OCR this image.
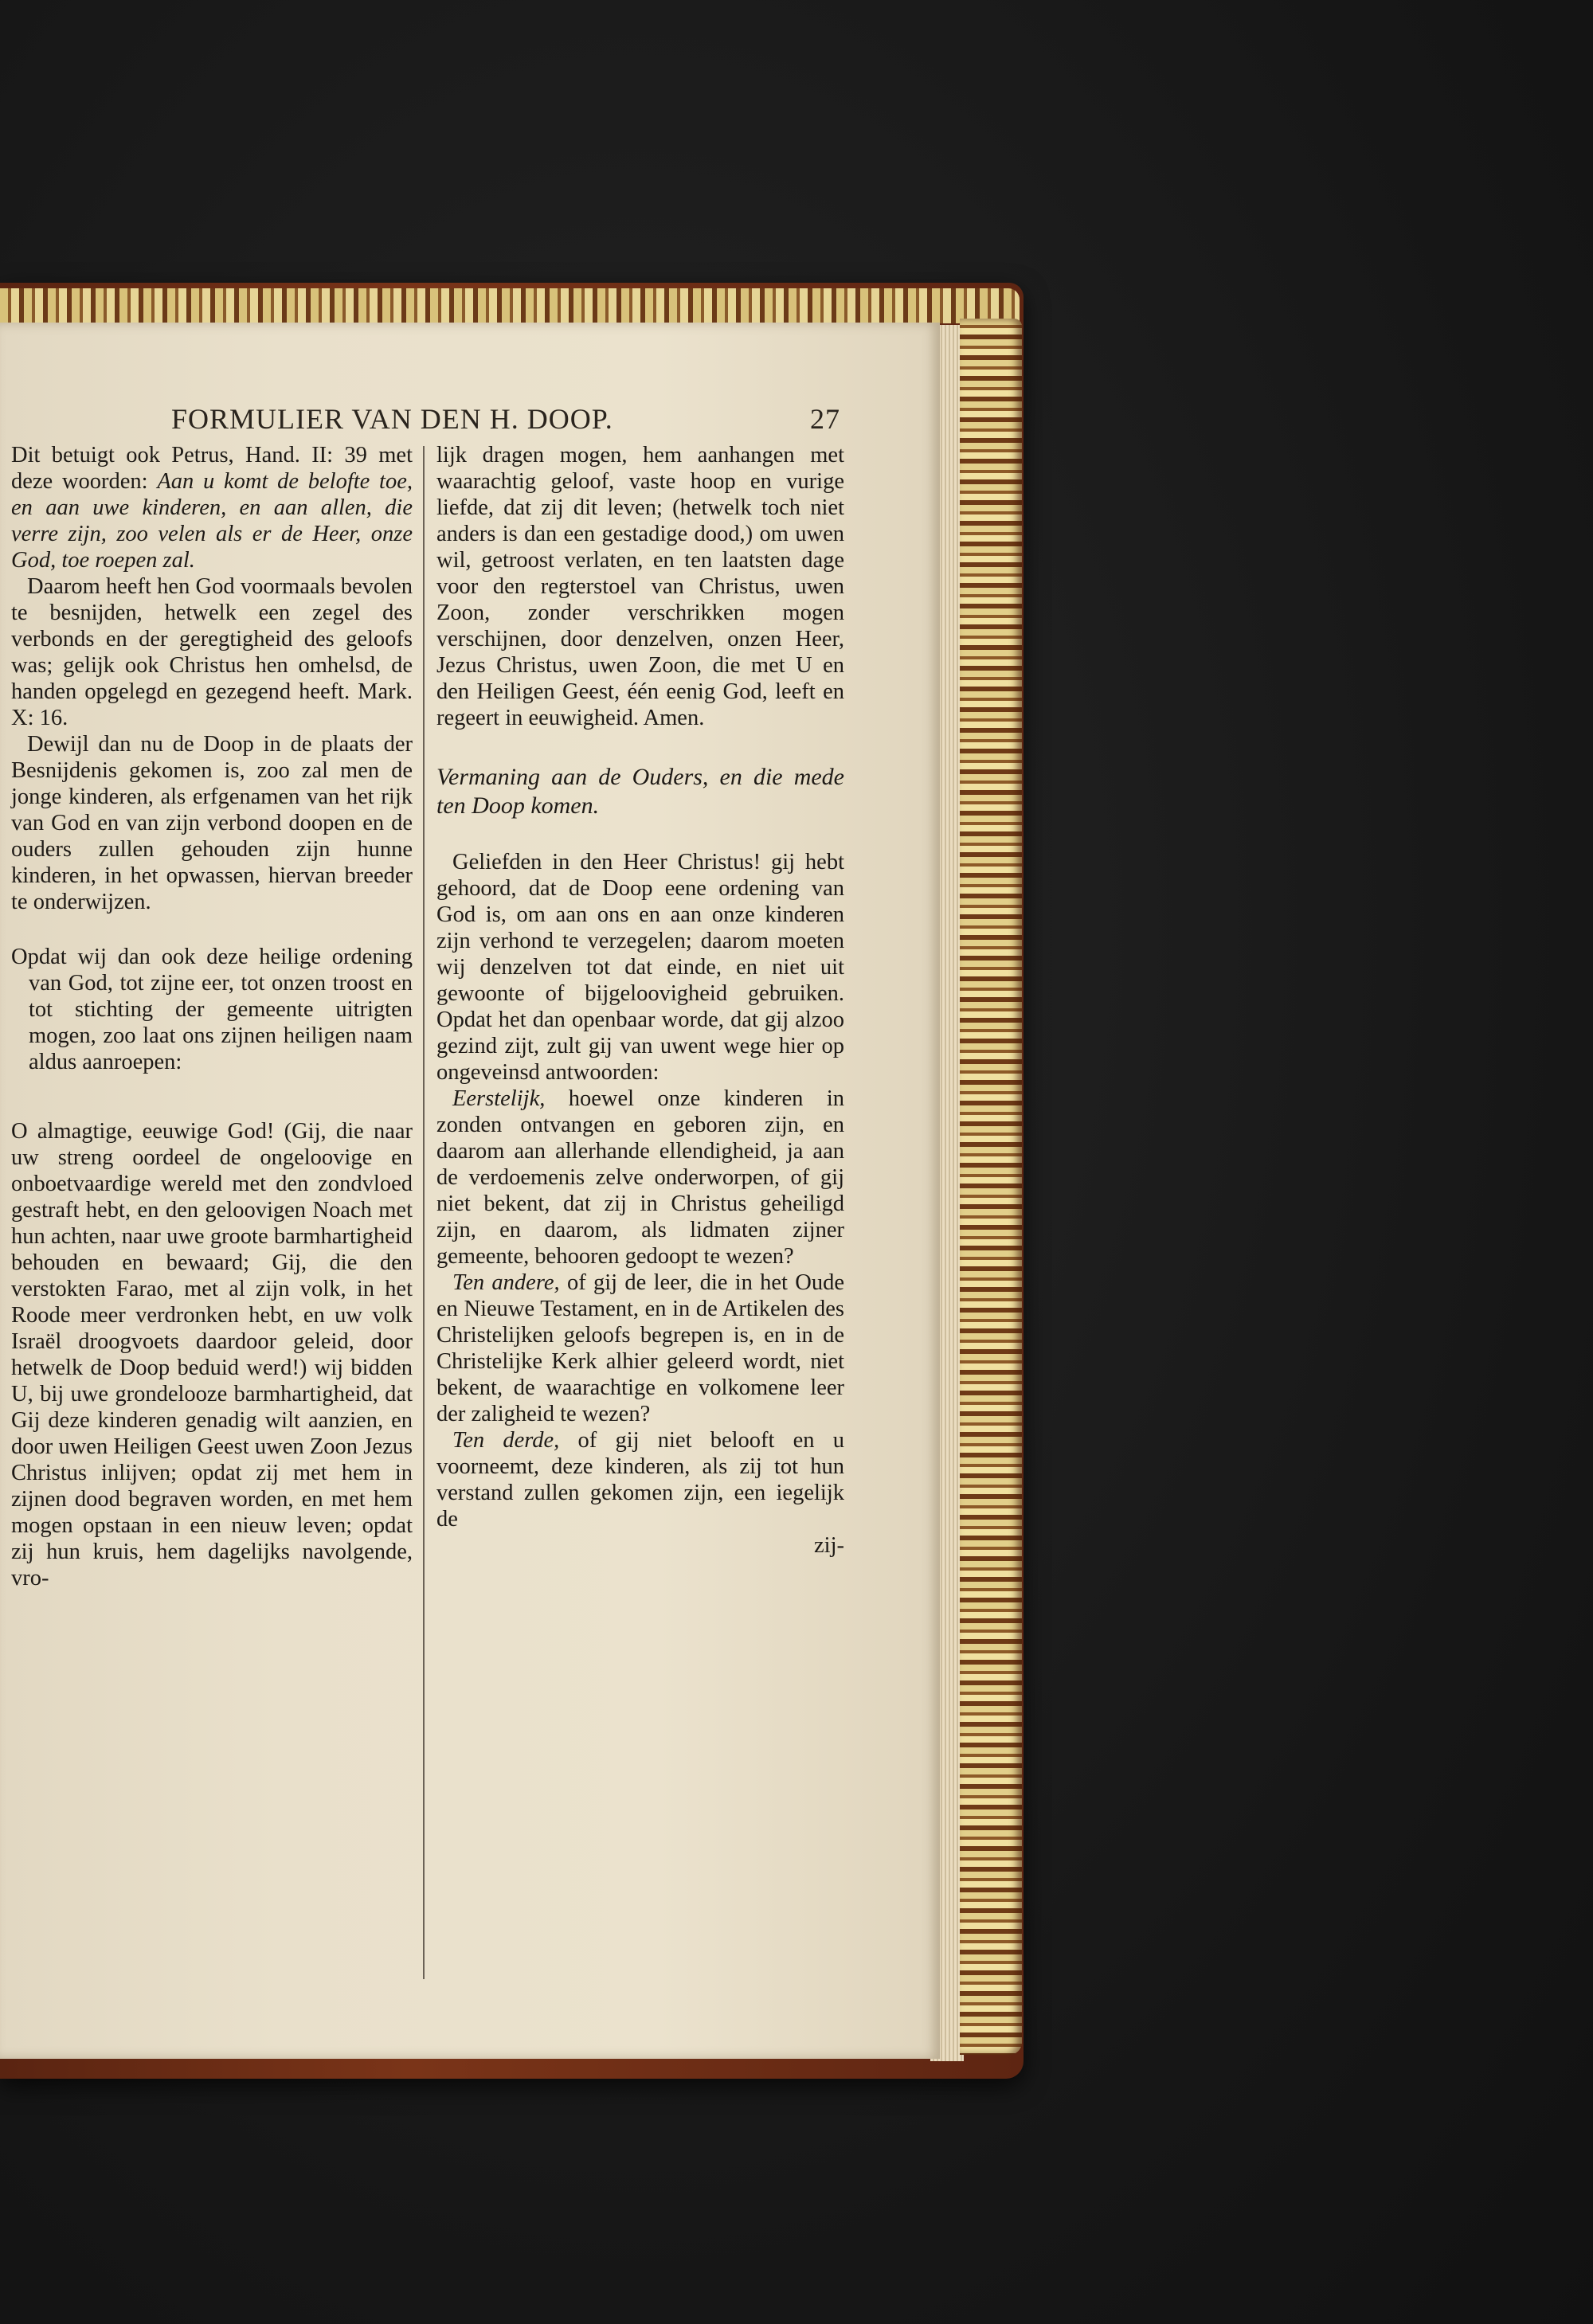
FORMULIER VAN DEN H. DOOP.	27

Dit betuigt ook Petrus, Hand. II: 39 met deze woorden: Aan u komt de belofte toe, en aan uwe kinderen, en aan allen, die verre zijn, zoo velen als er de Heer, onze God, toe roepen zal.

Daarom heeft hen God voormaals bevolen te besnijden, hetwelk een zegel des verbonds en der geregtigheid des geloofs was; gelijk ook Christus hen omhelsd, de handen opgelegd en gezegend heeft. Mark. X: 16.

Dewijl dan nu de Doop in de plaats der Besnijdenis gekomen is, zoo zal men de jonge kinderen, als erfgenamen van het rijk van God en van zijn verbond doopen en de ouders zullen gehouden zijn hunne kinderen, in het opwassen, hiervan breeder te onderwijzen.

Opdat wij dan ook deze heilige ordening van God, tot zijne eer, tot onzen troost en tot stichting der gemeente uitrigten mogen, zoo laat ons zijnen heiligen naam aldus aanroepen:

O almagtige, eeuwige God! (Gij, die naar uw streng oordeel de ongeloovige en onboetvaardige wereld met den zondvloed gestraft hebt, en den geloovigen Noach met hun achten, naar uwe groote barmhartigheid behouden en bewaard; Gij, die den verstokten Farao, met al zijn volk, in het Roode meer verdronken hebt, en uw volk Israël droogvoets daardoor geleid, door hetwelk de Doop beduid werd!) wij bidden U, bij uwe grondelooze barmhartigheid, dat Gij deze kinderen genadig wilt aanzien, en door uwen Heiligen Geest uwen Zoon Jezus Christus inlijven; opdat zij met hem in zijnen dood begraven worden, en met hem mogen opstaan in een nieuw leven; opdat zij hun kruis, hem dagelijks navolgende, vro-

lijk dragen mogen, hem aanhangen met waarachtig geloof, vaste hoop en vurige liefde, dat zij dit leven; (hetwelk toch niet anders is dan een gestadige dood,) om uwen wil, getroost verlaten, en ten laatsten dage voor den regterstoel van Christus, uwen Zoon, zonder verschrikken mogen verschijnen, door denzelven, onzen Heer, Jezus Christus, uwen Zoon, die met U en den Heiligen Geest, één eenig God, leeft en regeert in eeuwigheid. Amen.

Vermaning aan de Ouders, en die mede ten Doop komen.

Geliefden in den Heer Christus! gij hebt gehoord, dat de Doop eene ordening van God is, om aan ons en aan onze kinderen zijn verhond te verzegelen; daarom moeten wij denzelven tot dat einde, en niet uit gewoonte of bijgeloovigheid gebruiken. Opdat het dan openbaar worde, dat gij alzoo gezind zijt, zult gij van uwent wege hier op ongeveinsd antwoorden:

Eerstelijk, hoewel onze kinderen in zonden ontvangen en geboren zijn, en daarom aan allerhande ellendigheid, ja aan de verdoemenis zelve onderworpen, of gij niet bekent, dat zij in Christus geheiligd zijn, en daarom, als lidmaten zijner gemeente, behooren gedoopt te wezen?

Ten andere, of gij de leer, die in het Oude en Nieuwe Testament, en in de Artikelen des Christelijken geloofs begrepen is, en in de Christelijke Kerk alhier geleerd wordt, niet bekent, de waarachtige en volkomene leer der zaligheid te wezen?

Ten derde, of gij niet belooft en u voorneemt, deze kinderen, als zij tot hun verstand zullen gekomen zijn, een iegelijk de

zij-
